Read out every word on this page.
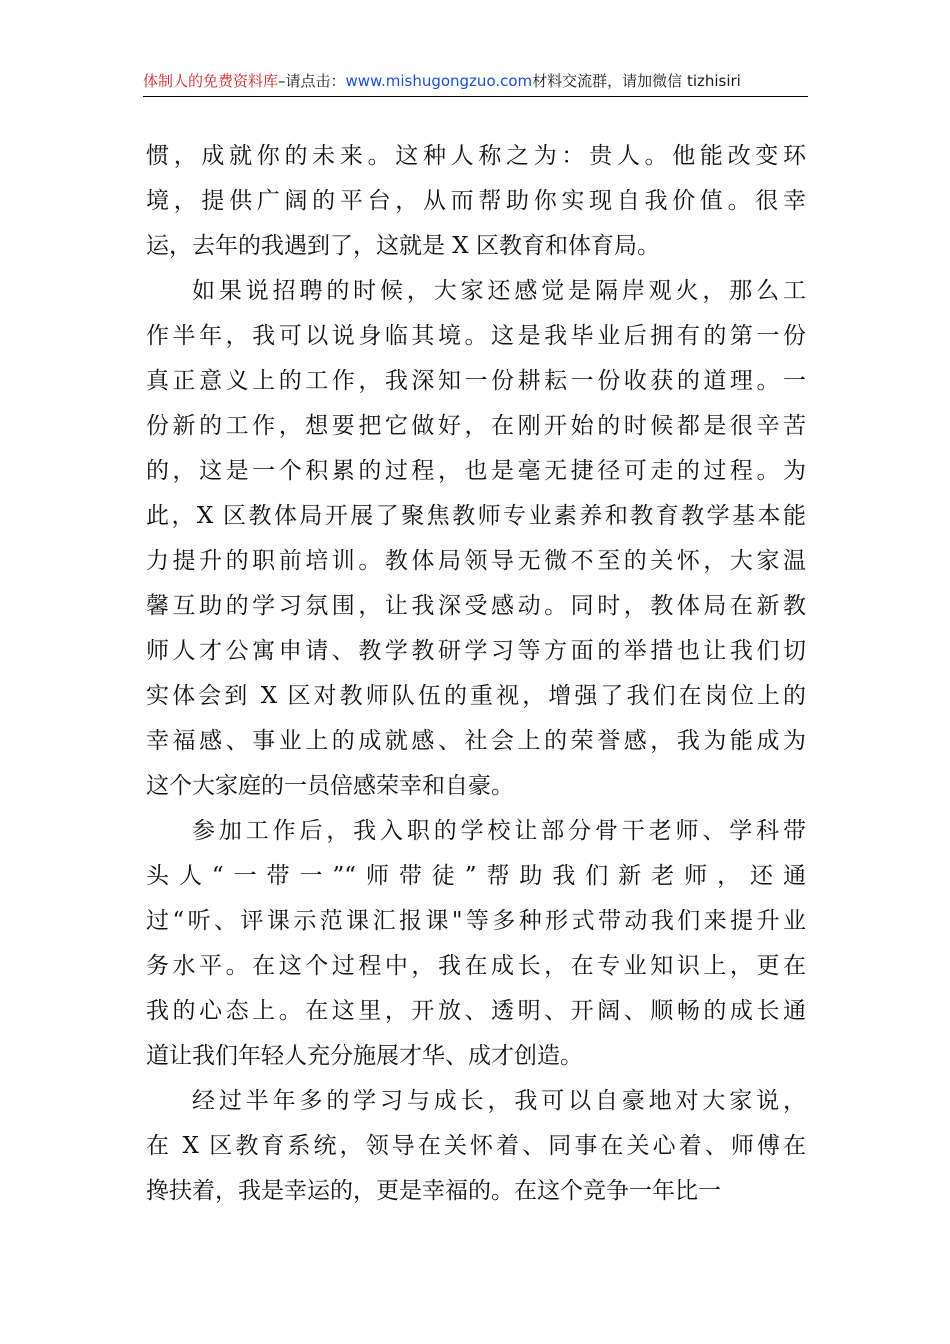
体制人的免费资料库–请点击：www.mishugongzuo.com材料交流群，请加微信 tizhisiri
惯，成就你的未来。这种人称之为：贵人。他能改变环
境，提供广阔的平台，从而帮助你实现自我价值。很幸
运，去年的我遇到了，这就是 X 区教育和体育局。
如果说招聘的时候，大家还感觉是隔岸观火，那么工
作半年，我可以说身临其境。这是我毕业后拥有的第一份
真正意义上的工作，我深知一份耕耘一份收获的道理。一
份新的工作，想要把它做好，在刚开始的时候都是很辛苦
的，这是一个积累的过程，也是毫无捷径可走的过程。为
此，X 区教体局开展了聚焦教师专业素养和教育教学基本能
力提升的职前培训。教体局领导无微不至的关怀，大家温
馨互助的学习氛围，让我深受感动。同时，教体局在新教
师人才公寓申请、教学教研学习等方面的举措也让我们切
实体会到 X 区对教师队伍的重视，增强了我们在岗位上的
幸福感、事业上的成就感、社会上的荣誉感，我为能成为
这个大家庭的一员倍感荣幸和自豪。
参加工作后，我入职的学校让部分骨干老师、学科带
头人“一带一”“师带徒”帮助我们新老师，还通
过“听、评课示范课汇报课"等多种形式带动我们来提升业
务水平。在这个过程中，我在成长，在专业知识上，更在
我的心态上。在这里，开放、透明、开阔、顺畅的成长通
道让我们年轻人充分施展才华、成才创造。
经过半年多的学习与成长，我可以自豪地对大家说，
在 X 区教育系统，领导在关怀着、同事在关心着、师傅在
搀扶着，我是幸运的，更是幸福的。在这个竞争一年比一
